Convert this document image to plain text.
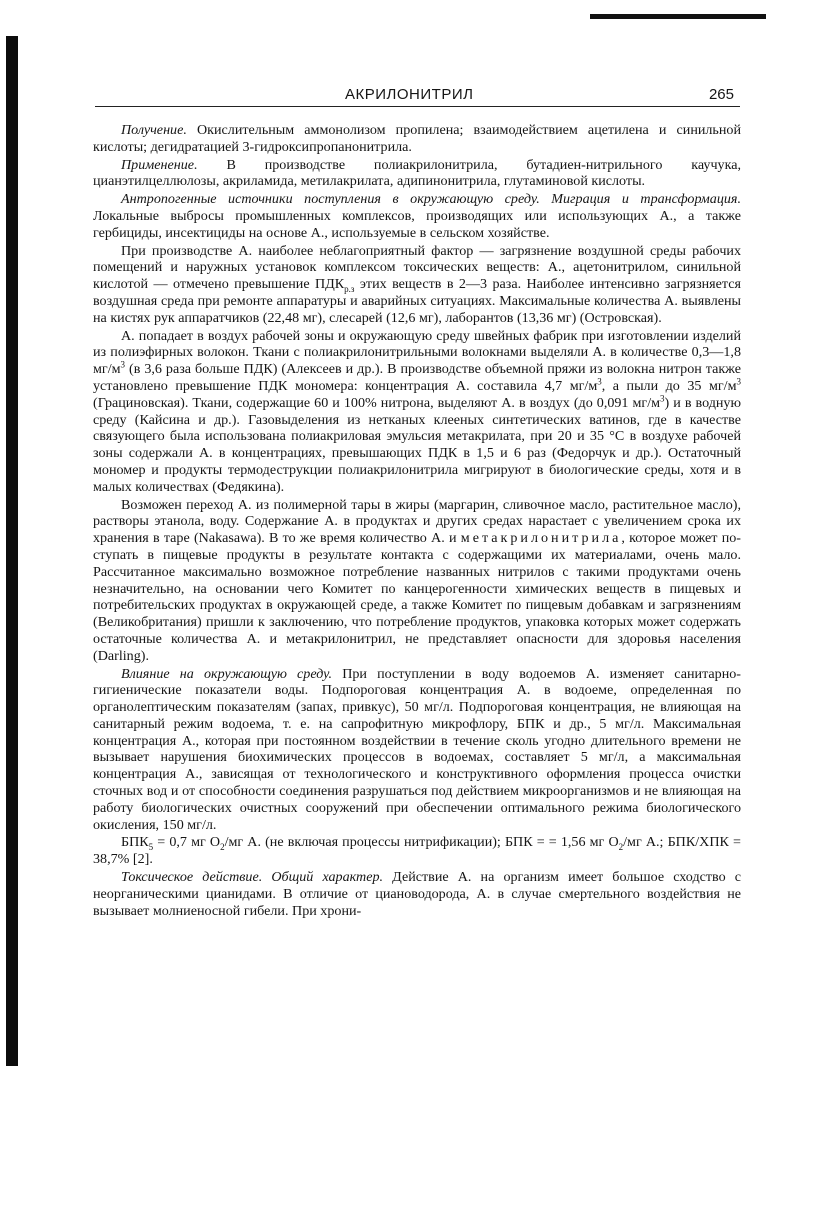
АКРИЛОНИТРИЛ	265

Получение. Окислительным аммонолизом пропилена; взаимодействием ацетилена и синильной кислоты; дегидратацией 3-гидроксипропанонитрила.

Применение. В производстве полиакрилонитрила, бутадиен-нитрильного каучука, цианэтилцеллюлозы, акриламида, метилакрилата, адипинонитрила, глутаминовой кислоты.

Антропогенные источники поступления в окружающую среду. Миграция и трансформация. Локальные выбросы промышленных комплексов, производящих или использующих А., а также гербициды, инсектициды на основе А., используемые в сельском хозяйстве.

При производстве А. наиболее неблагоприятный фактор — загрязнение воздушной среды рабочих помещений и наружных установок комплексом токсических веществ: А., ацетонитрилом, синильной кислотой — отмечено превышение $ПДК_{р.з}$ этих веществ в 2—3 раза. Наиболее интенсивно загрязняется воздушная среда при ремонте аппаратуры и аварийных ситуациях. Максимальные количества А. выявлены на кистях рук аппаратчиков (22,48 мг), слесарей (12,6 мг), лаборантов (13,36 мг) (Островская).

А. попадает в воздух рабочей зоны и окружающую среду швейных фабрик при изготовлении изделий из полиэфирных волокон. Ткани с полиакрилонитрильными волокнами выделяли А. в количестве 0,3—1,8 $мг/м^3$ (в 3,6 раза больше ПДК) (Алексеев и др.). В производстве объемной пряжи из волокна нитрон также установлено превышение ПДК мономера: концентрация А. составила 4,7 $мг/м^3$, а пыли до 35 $мг/м^3$ (Грациновская). Ткани, содержащие 60 и 100% нитрона, выделяют А. в воздух (до 0,091 $мг/м^3$) и в водную среду (Кайсина и др.). Газовыделения из нетканых клееных синтетических ватинов, где в качестве связующего была использована полиакриловая эмульсия метакрилата, при 20 и 35 °C в воздухе рабочей зоны содержали А. в концентрациях, превышающих ПДК в 1,5 и 6 раз (Федорчук и др.). Остаточный мономер и продукты термодеструкции полиакрилонитрила мигрируют в биологические среды, хотя и в малых количествах (Федякина).

Возможен переход А. из полимерной тары в жиры (маргарин, сливочное масло, растительное масло), растворы этанола, воду. Содержание А. в продуктах и других средах нарастает с увеличением срока их хранения в таре (Nakasawa). В то же время количество А. и метакрилонитрила, которое может поступать в пищевые продукты в результате контакта с содержащими их материалами, очень мало. Рассчитанное максимально возможное потребление названных нитрилов с такими продуктами очень незначительно, на основании чего Комитет по канцерогенности химических веществ в пищевых и потребительских продуктах в окружающей среде, а также Комитет по пищевым добавкам и загрязнениям (Великобритания) пришли к заключению, что потребление продуктов, упаковка которых может содержать остаточные количества А. и метакрилонитрил, не представляет опасности для здоровья населения (Darling).

Влияние на окружающую среду. При поступлении в воду водоемов А. изменяет санитарно-гигиенические показатели воды. Подпороговая концентрация А. в водоеме, определенная по органолептическим показателям (запах, привкус), 50 мг/л. Подпороговая концентрация, не влияющая на санитарный режим водоема, т. е. на сапрофитную микрофлору, БПК и др., 5 мг/л. Максимальная концентрация А., которая при постоянном воздействии в течение сколь угодно длительного времени не вызывает нарушения биохимических процессов в водоемах, составляет 5 мг/л, а максимальная концентрация А., зависящая от технологического и конструктивного оформления процесса очистки сточных вод и от способности соединения разрушаться под действием микроорганизмов и не влияющая на работу биологических очистных сооружений при обеспечении оптимального режима биологического окисления, 150 мг/л.

$БПК_5 = 0,7$ мг $O_2/мг$ А. (не включая процессы нитрификации); БПК = = 1,56 мг $O_2/мг$ А.; БПК/ХПК = 38,7% [2].

Токсическое действие. Общий характер. Действие А. на организм имеет большое сходство с неорганическими цианидами. В отличие от циановодорода, А. в случае смертельного воздействия не вызывает молниеносной гибели. При хрони-
